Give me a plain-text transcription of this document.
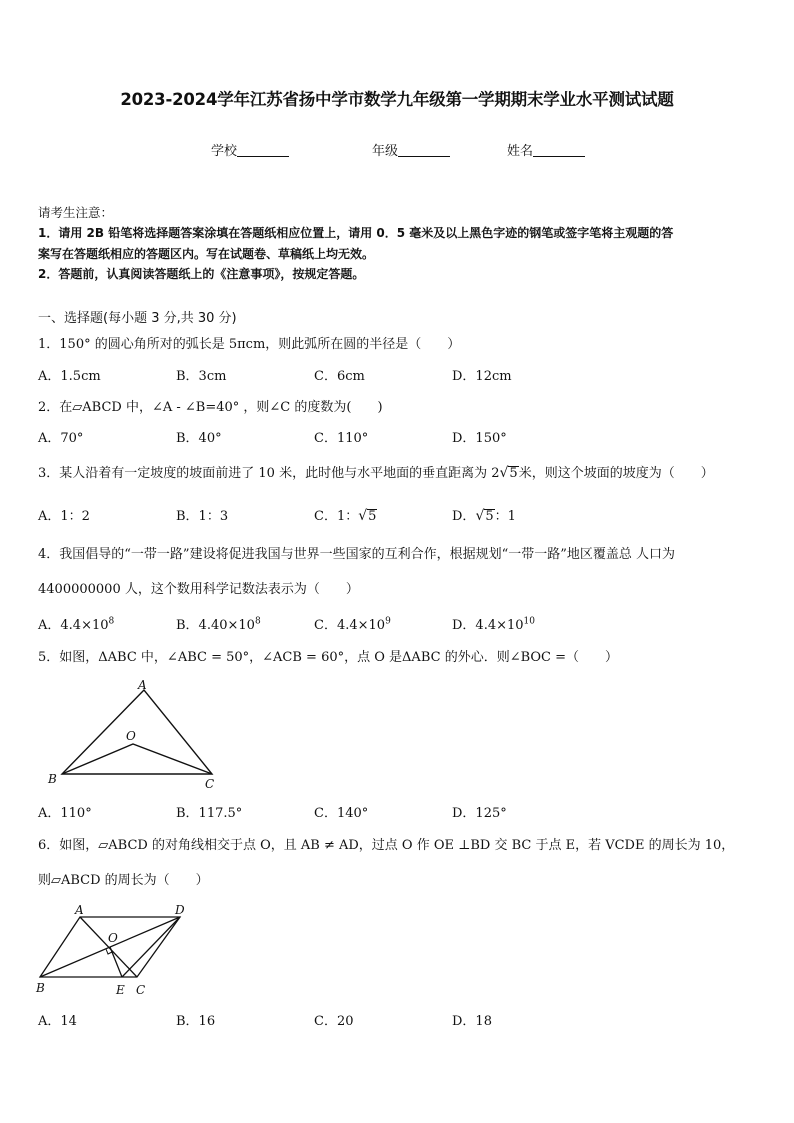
2023-2024学年江苏省扬中学市数学九年级第一学期期末学业水平测试试题
学校	年级	姓名
请考生注意：
1．请用 2B 铅笔将选择题答案涂填在答题纸相应位置上，请用 0．5 毫米及以上黑色字迹的钢笔或签字笔将主观题的答
案写在答题纸相应的答题区内。写在试题卷、草稿纸上均无效。
2．答题前，认真阅读答题纸上的《注意事项》，按规定答题。
一、选择题(每小题 3 分,共 30 分)
1．150° 的圆心角所对的弧长是 5πcm，则此弧所在圆的半径是（　　）
A．1.5cm	B．3cm	C．6cm	D．12cm
2．在▱ABCD 中，∠A - ∠B=40° ，则∠C 的度数为(　　)
A．70°	B．40°	C．110°	D．150°
3．某人沿着有一定坡度的坡面前进了 10 米，此时他与水平地面的垂直距离为 2√5米，则这个坡面的坡度为（　　）
A．1：2	B．1：3	C．1：√5	D．√5：1
4．我国倡导的“一带一路”建设将促进我国与世界一些国家的互利合作，根据规划“一带一路”地区覆盖总 人口为
4400000000 人，这个数用科学记数法表示为（　　）
A．$4.4\times 10^8$	B．$4.40\times 10^8$	C．$4.4\times 10^9$	D．$4.4\times 10^{10}$
5．如图，ΔABC 中，∠ABC = 50°，∠ACB = 60°，点 O 是ΔABC 的外心．则∠BOC =（　　）
A
B	C
O
A．110°	B．117.5°	C．140°	D．125°
6．如图，▱ABCD 的对角线相交于点 O，且 AB ≠ AD，过点 O 作 OE ⊥BD 交 BC 于点 E，若 VCDE 的周长为 10，
则▱ABCD 的周长为（　　）
A	D
O
B	E C
A．14	B．16	C．20	D．18
